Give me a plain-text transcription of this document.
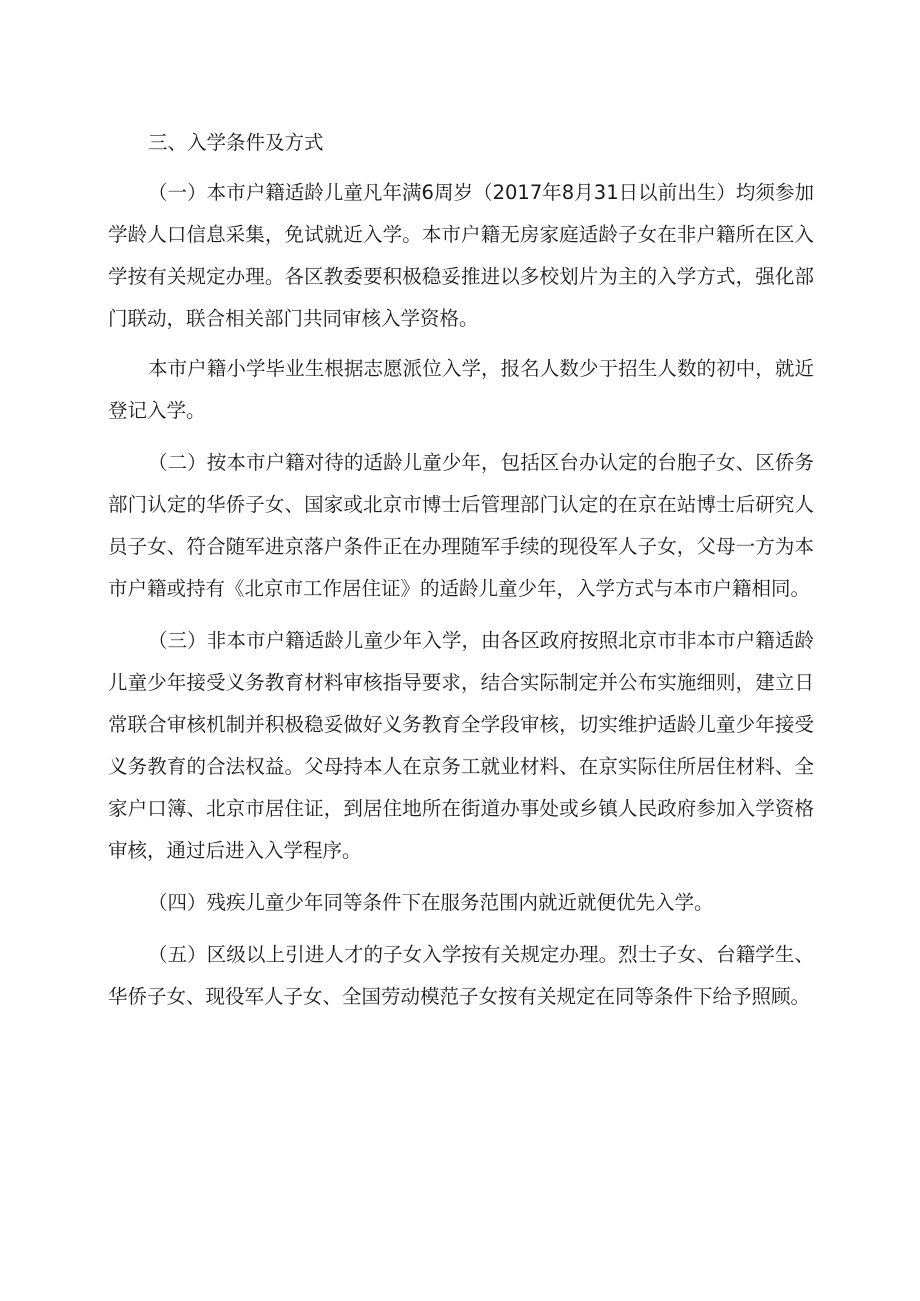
三、入学条件及方式

（一）本市户籍适龄儿童凡年满6周岁（2017年8月31日以前出生）均须参加学龄人口信息采集，免试就近入学。本市户籍无房家庭适龄子女在非户籍所在区入学按有关规定办理。各区教委要积极稳妥推进以多校划片为主的入学方式，强化部门联动，联合相关部门共同审核入学资格。

本市户籍小学毕业生根据志愿派位入学，报名人数少于招生人数的初中，就近登记入学。

（二）按本市户籍对待的适龄儿童少年，包括区台办认定的台胞子女、区侨务部门认定的华侨子女、国家或北京市博士后管理部门认定的在京在站博士后研究人员子女、符合随军进京落户条件正在办理随军手续的现役军人子女，父母一方为本市户籍或持有《北京市工作居住证》的适龄儿童少年，入学方式与本市户籍相同。

（三）非本市户籍适龄儿童少年入学，由各区政府按照北京市非本市户籍适龄儿童少年接受义务教育材料审核指导要求，结合实际制定并公布实施细则，建立日常联合审核机制并积极稳妥做好义务教育全学段审核，切实维护适龄儿童少年接受义务教育的合法权益。父母持本人在京务工就业材料、在京实际住所居住材料、全家户口簿、北京市居住证，到居住地所在街道办事处或乡镇人民政府参加入学资格审核，通过后进入入学程序。

（四）残疾儿童少年同等条件下在服务范围内就近就便优先入学。

（五）区级以上引进人才的子女入学按有关规定办理。烈士子女、台籍学生、华侨子女、现役军人子女、全国劳动模范子女按有关规定在同等条件下给予照顾。
